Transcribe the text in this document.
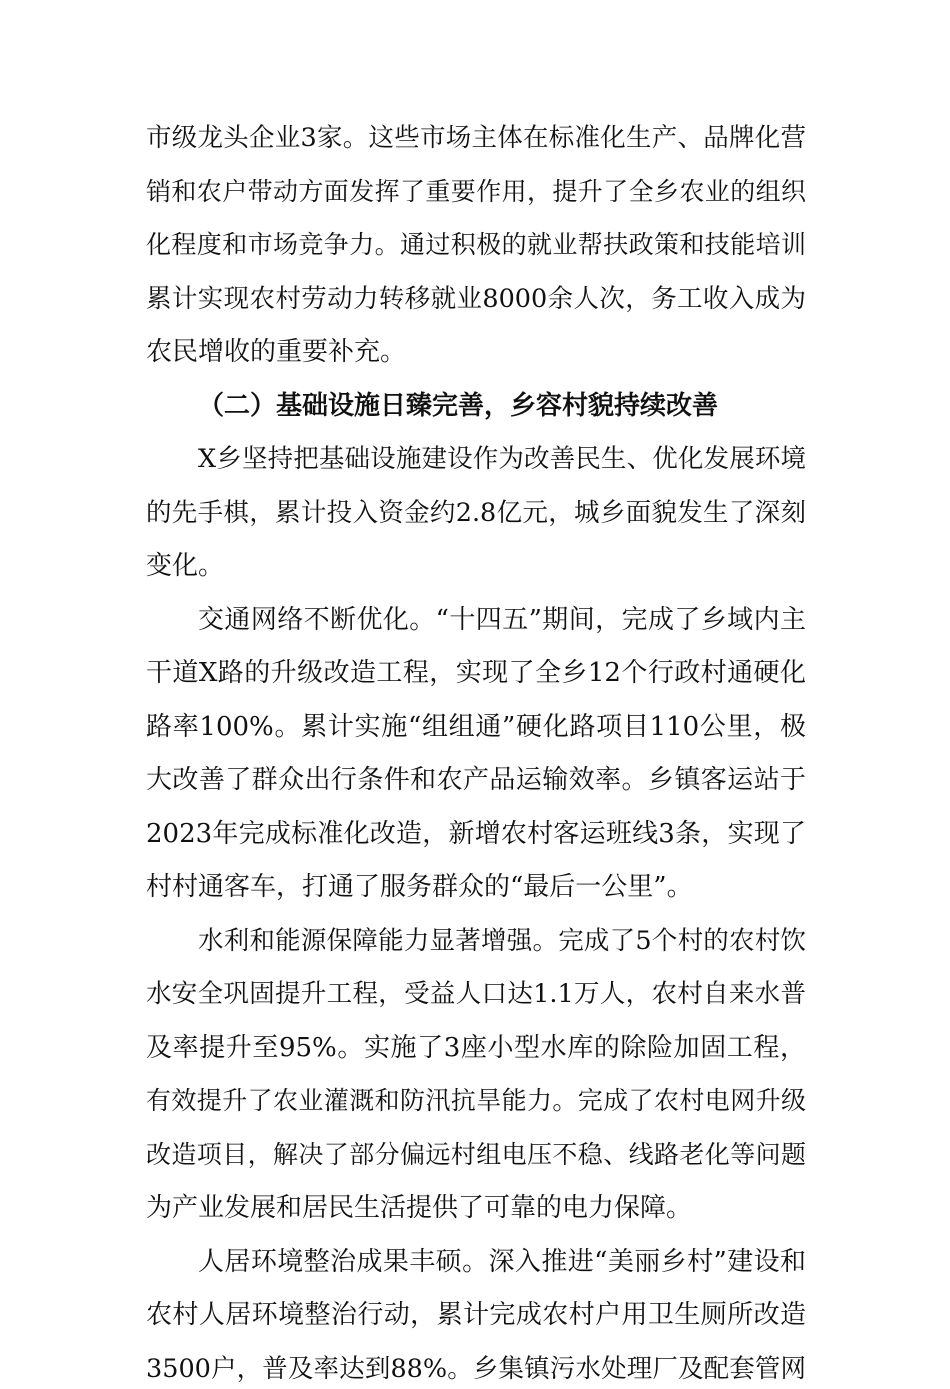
市级龙头企业3家。这些市场主体在标准化生产、品牌化营
销和农户带动方面发挥了重要作用，提升了全乡农业的组织
化程度和市场竞争力。通过积极的就业帮扶政策和技能培训
累计实现农村劳动力转移就业8000余人次，务工收入成为
农民增收的重要补充。
（二）基础设施日臻完善，乡容村貌持续改善
X乡坚持把基础设施建设作为改善民生、优化发展环境
的先手棋，累计投入资金约2.8亿元，城乡面貌发生了深刻
变化。
交通网络不断优化。“十四五”期间，完成了乡域内主
干道X路的升级改造工程，实现了全乡12个行政村通硬化
路率100%。累计实施“组组通”硬化路项目110公里，极
大改善了群众出行条件和农产品运输效率。乡镇客运站于
2023年完成标准化改造，新增农村客运班线3条，实现了
村村通客车，打通了服务群众的“最后一公里”。
水利和能源保障能力显著增强。完成了5个村的农村饮
水安全巩固提升工程，受益人口达1.1万人，农村自来水普
及率提升至95%。实施了3座小型水库的除险加固工程，
有效提升了农业灌溉和防汛抗旱能力。完成了农村电网升级
改造项目，解决了部分偏远村组电压不稳、线路老化等问题
为产业发展和居民生活提供了可靠的电力保障。
人居环境整治成果丰硕。深入推进“美丽乡村”建设和
农村人居环境整治行动，累计完成农村户用卫生厕所改造
3500户，普及率达到88%。乡集镇污水处理厂及配套管网
